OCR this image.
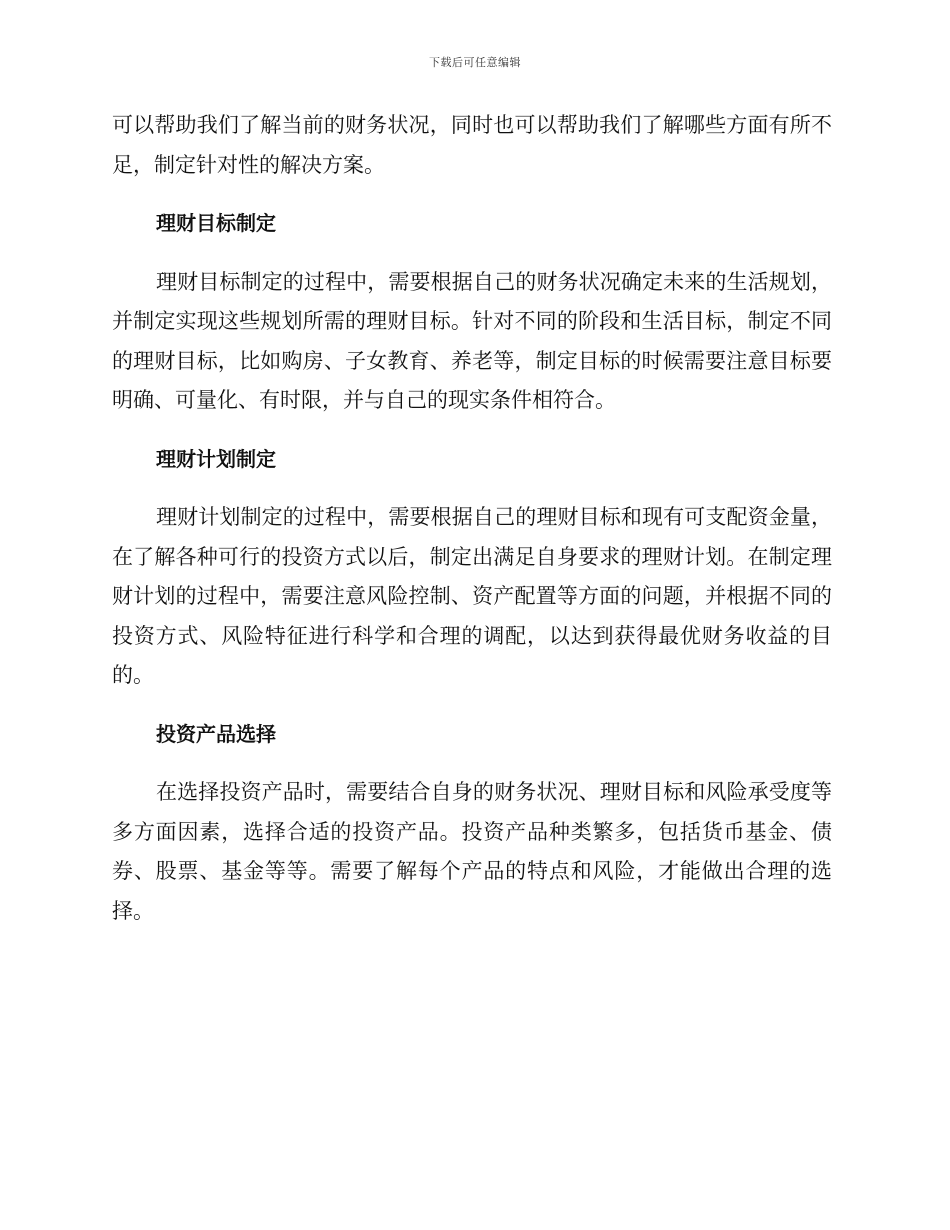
下载后可任意编辑

可以帮助我们了解当前的财务状况，同时也可以帮助我们了解哪些方面有所不足，制定针对性的解决方案。

理财目标制定

理财目标制定的过程中，需要根据自己的财务状况确定未来的生活规划，并制定实现这些规划所需的理财目标。针对不同的阶段和生活目标，制定不同的理财目标，比如购房、子女教育、养老等，制定目标的时候需要注意目标要明确、可量化、有时限，并与自己的现实条件相符合。

理财计划制定

理财计划制定的过程中，需要根据自己的理财目标和现有可支配资金量，在了解各种可行的投资方式以后，制定出满足自身要求的理财计划。在制定理财计划的过程中，需要注意风险控制、资产配置等方面的问题，并根据不同的投资方式、风险特征进行科学和合理的调配，以达到获得最优财务收益的目的。

投资产品选择

在选择投资产品时，需要结合自身的财务状况、理财目标和风险承受度等多方面因素，选择合适的投资产品。投资产品种类繁多，包括货币基金、债券、股票、基金等等。需要了解每个产品的特点和风险，才能做出合理的选择。
